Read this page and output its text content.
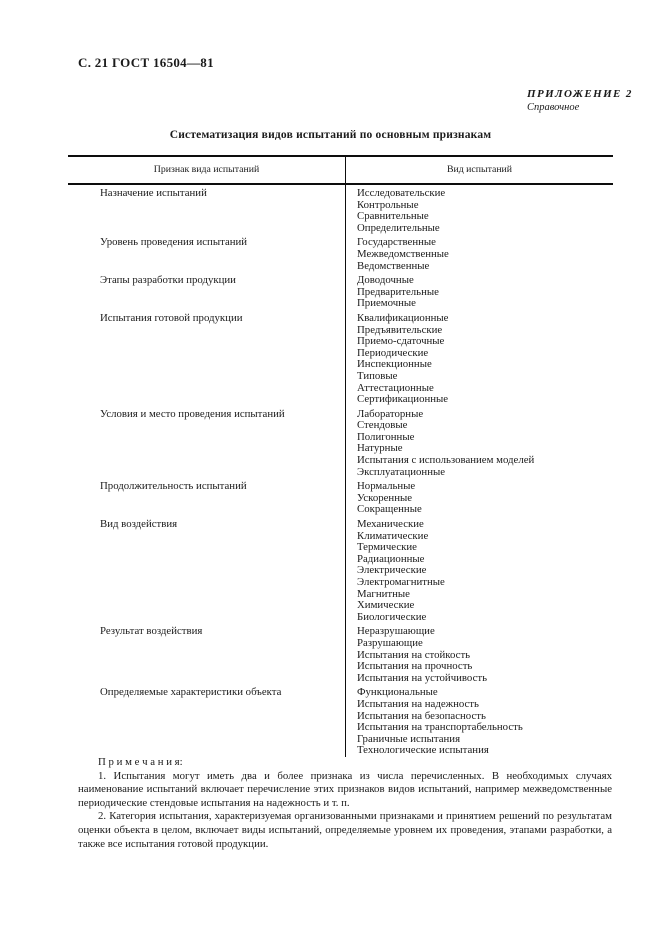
С. 21 ГОСТ 16504—81
ПРИЛОЖЕНИЕ 2
Справочное
Систематизация видов испытаний по основным признакам
Признак вида испытаний	Вид испытаний
Назначение испытаний	Исследовательские
Контрольные
Сравнительные
Определительные

Уровень проведения испытаний	Государственные
Межведомственные
Ведомственные

Этапы разработки продукции	Доводочные
Предварительные
Приемочные

Испытания готовой продукции	Квалификационные
Предъявительские
Приемо-сдаточные
Периодические
Инспекционные
Типовые
Аттестационные
Сертификационные

Условия и место проведения испытаний	Лабораторные
Стендовые
Полигонные
Натурные
Испытания с использованием моделей
Эксплуатационные

Продолжительность испытаний	Нормальные
Ускоренные
Сокращенные

Вид воздействия	Механические
Климатические
Термические
Радиационные
Электрические
Электромагнитные
Магнитные
Химические
Биологические

Результат воздействия	Неразрушающие
Разрушающие
Испытания на стойкость
Испытания на прочность
Испытания на устойчивость

Определяемые характеристики объекта	Функциональные
Испытания на надежность
Испытания на безопасность
Испытания на транспортабельность
Граничные испытания
Технологические испытания
П р и м е ч а н и я:

1. Испытания могут иметь два и более признака из числа перечисленных. В необходимых случаях наименование испытаний включает перечисление этих признаков видов испытаний, например межведомственные периодические стендовые испытания на надежность и т. п.

2. Категория испытания, характеризуемая организованными признаками и принятием решений по результатам оценки объекта в целом, включает виды испытаний, определяемые уровнем их проведения, этапами разработки, а также все испытания готовой продукции.
